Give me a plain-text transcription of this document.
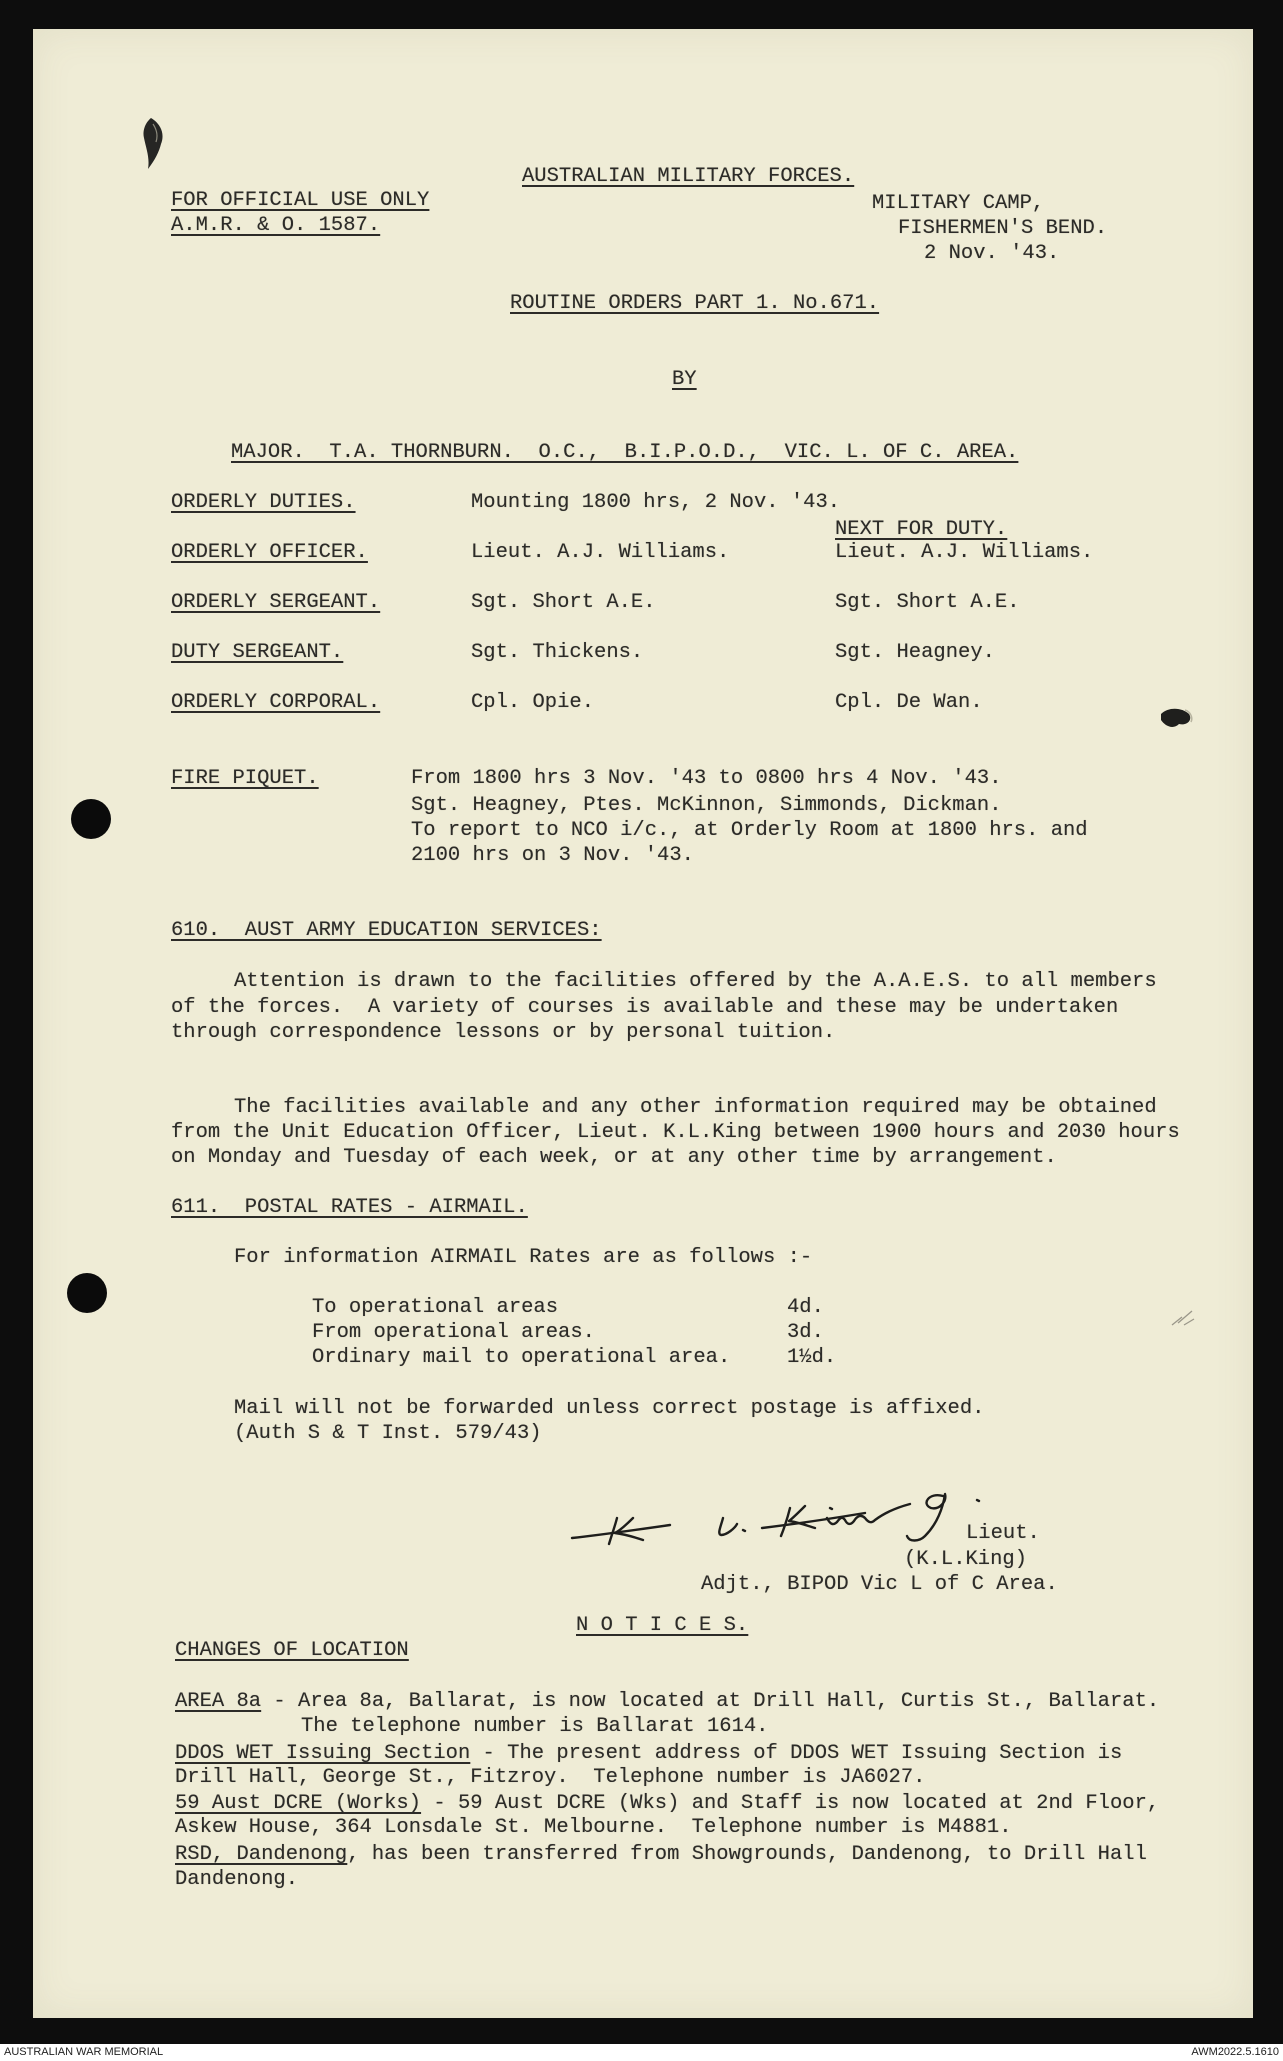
AUSTRALIAN MILITARY FORCES.
FOR OFFICIAL USE ONLY
A.M.R. & O. 1587.
MILITARY CAMP,
FISHERMEN'S BEND.
2 Nov. '43.
ROUTINE ORDERS PART 1. No.671.
BY
MAJOR.  T.A. THORNBURN.  O.C.,  B.I.P.O.D.,  VIC. L. OF C. AREA.
ORDERLY DUTIES.	Mounting 1800 hrs, 2 Nov. '43.
NEXT FOR DUTY.
ORDERLY OFFICER.	Lieut. A.J. Williams.	Lieut. A.J. Williams.
ORDERLY SERGEANT.	Sgt. Short A.E.	Sgt. Short A.E.
DUTY SERGEANT.	Sgt. Thickens.	Sgt. Heagney.
ORDERLY CORPORAL.	Cpl. Opie.	Cpl. De Wan.
FIRE PIQUET.	From 1800 hrs 3 Nov. '43 to 0800 hrs 4 Nov. '43.
Sgt. Heagney, Ptes. McKinnon, Simmonds, Dickman.
To report to NCO i/c., at Orderly Room at 1800 hrs. and
2100 hrs on 3 Nov. '43.
610.  AUST ARMY EDUCATION SERVICES:
Attention is drawn to the facilities offered by the A.A.E.S. to all members
of the forces.  A variety of courses is available and these may be undertaken
through correspondence lessons or by personal tuition.
The facilities available and any other information required may be obtained
from the Unit Education Officer, Lieut. K.L.King between 1900 hours and 2030 hours
on Monday and Tuesday of each week, or at any other time by arrangement.
611.  POSTAL RATES - AIRMAIL.
For information AIRMAIL Rates are as follows :-
To operational areas	4d.
From operational areas.	3d.
Ordinary mail to operational area.	1½d.
Mail will not be forwarded unless correct postage is affixed.
(Auth S & T Inst. 579/43)
Lieut.
(K.L.King)
Adjt., BIPOD Vic L of C Area.
N O T I C E S.
CHANGES OF LOCATION
AREA 8a - Area 8a, Ballarat, is now located at Drill Hall, Curtis St., Ballarat.
The telephone number is Ballarat 1614.
DDOS WET Issuing Section - The present address of DDOS WET Issuing Section is
Drill Hall, George St., Fitzroy.  Telephone number is JA6027.
59 Aust DCRE (Works) - 59 Aust DCRE (Wks) and Staff is now located at 2nd Floor,
Askew House, 364 Lonsdale St. Melbourne.  Telephone number is M4881.
RSD, Dandenong, has been transferred from Showgrounds, Dandenong, to Drill Hall
Dandenong.
AUSTRALIAN WAR MEMORIAL	AWM2022.5.1610
